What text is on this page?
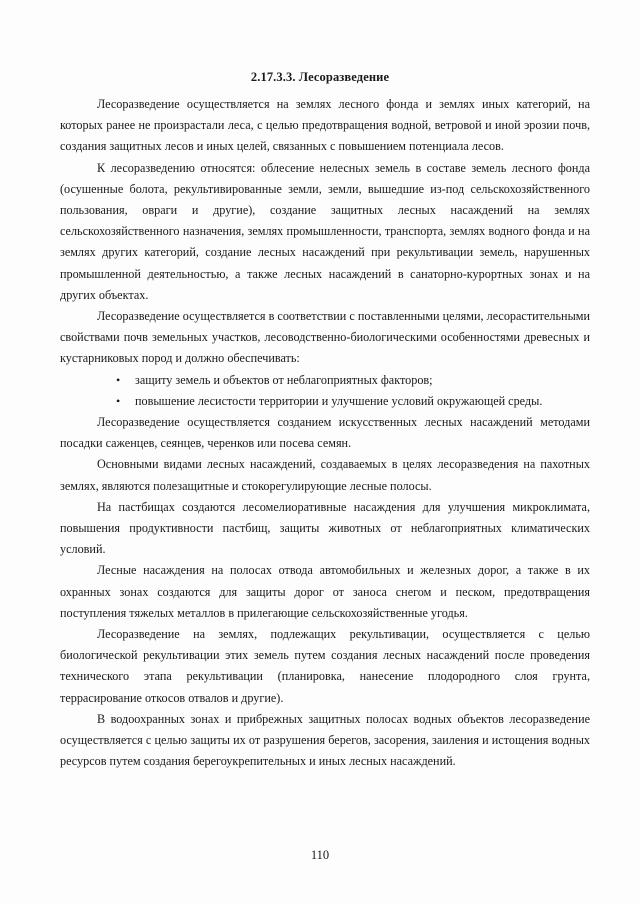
2.17.3.3. Лесоразведение

Лесоразведение осуществляется на землях лесного фонда и землях иных категорий, на которых ранее не произрастали леса, с целью предотвращения водной, ветровой и иной эрозии почв, создания защитных лесов и иных целей, связанных с повышением потенциала лесов.

К лесоразведению относятся: облесение нелесных земель в составе земель лесного фонда (осушенные болота, рекультивированные земли, земли, вышедшие из-под сельскохозяйственного пользования, овраги и другие), создание защитных лесных насаждений на землях сельскохозяйственного назначения, землях промышленности, транспорта, землях водного фонда и на землях других категорий, создание лесных насаждений при рекультивации земель, нарушенных промышленной деятельностью, а также лесных насаждений в санаторно-курортных зонах и на других объектах.

Лесоразведение осуществляется в соответствии с поставленными целями, лесорастительными свойствами почв земельных участков, лесоводственно-биологическими особенностями древесных и кустарниковых пород и должно обеспечивать:

• защиту земель и объектов от неблагоприятных факторов;
• повышение лесистости территории и улучшение условий окружающей среды.

Лесоразведение осуществляется созданием искусственных лесных насаждений методами посадки саженцев, сеянцев, черенков или посева семян.

Основными видами лесных насаждений, создаваемых в целях лесоразведения на пахотных землях, являются полезащитные и стокорегулирующие лесные полосы.

На пастбищах создаются лесомелиоративные насаждения для улучшения микроклимата, повышения продуктивности пастбищ, защиты животных от неблагоприятных климатических условий.

Лесные насаждения на полосах отвода автомобильных и железных дорог, а также в их охранных зонах создаются для защиты дорог от заноса снегом и песком, предотвращения поступления тяжелых металлов в прилегающие сельскохозяйственные угодья.

Лесоразведение на землях, подлежащих рекультивации, осуществляется с целью биологической рекультивации этих земель путем создания лесных насаждений после проведения технического этапа рекультивации (планировка, нанесение плодородного слоя грунта, террасирование откосов отвалов и другие).

В водоохранных зонах и прибрежных защитных полосах водных объектов лесоразведение осуществляется с целью защиты их от разрушения берегов, засорения, заиления и истощения водных ресурсов путем создания берегоукрепительных и иных лесных насаждений.

110
